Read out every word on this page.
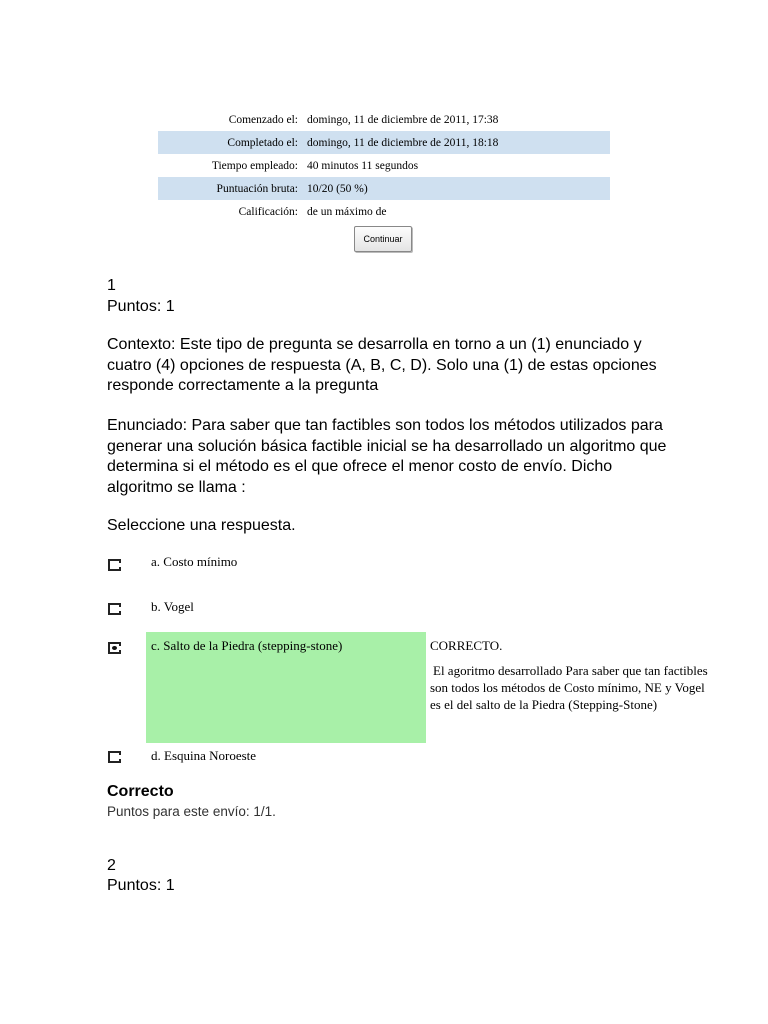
Comenzado el:	domingo, 11 de diciembre de 2011, 17:38
Completado el:	domingo, 11 de diciembre de 2011, 18:18
Tiempo empleado:	40 minutos 11 segundos
Puntuación bruta:	10/20 (50 %)
Calificación:	de un máximo de
Continuar
1
Puntos: 1
Contexto: Este tipo de pregunta se desarrolla en torno a un (1) enunciado y cuatro (4) opciones de respuesta (A, B, C, D). Solo una (1) de estas opciones responde correctamente a la pregunta
Enunciado: Para saber que tan factibles son todos los métodos utilizados para generar una solución básica factible inicial se ha desarrollado un algoritmo que determina si el método es el que ofrece el menor costo de envío. Dicho algoritmo se llama :
Seleccione una respuesta.
a. Costo mínimo
b. Vogel
c. Salto de la Piedra (stepping-stone)	CORRECTO.
El agoritmo desarrollado Para saber que tan factibles son todos los métodos de Costo mínimo, NE y Vogel es el del salto de la Piedra (Stepping-Stone)
d. Esquina Noroeste
Correcto
Puntos para este envío: 1/1.
2
Puntos: 1
